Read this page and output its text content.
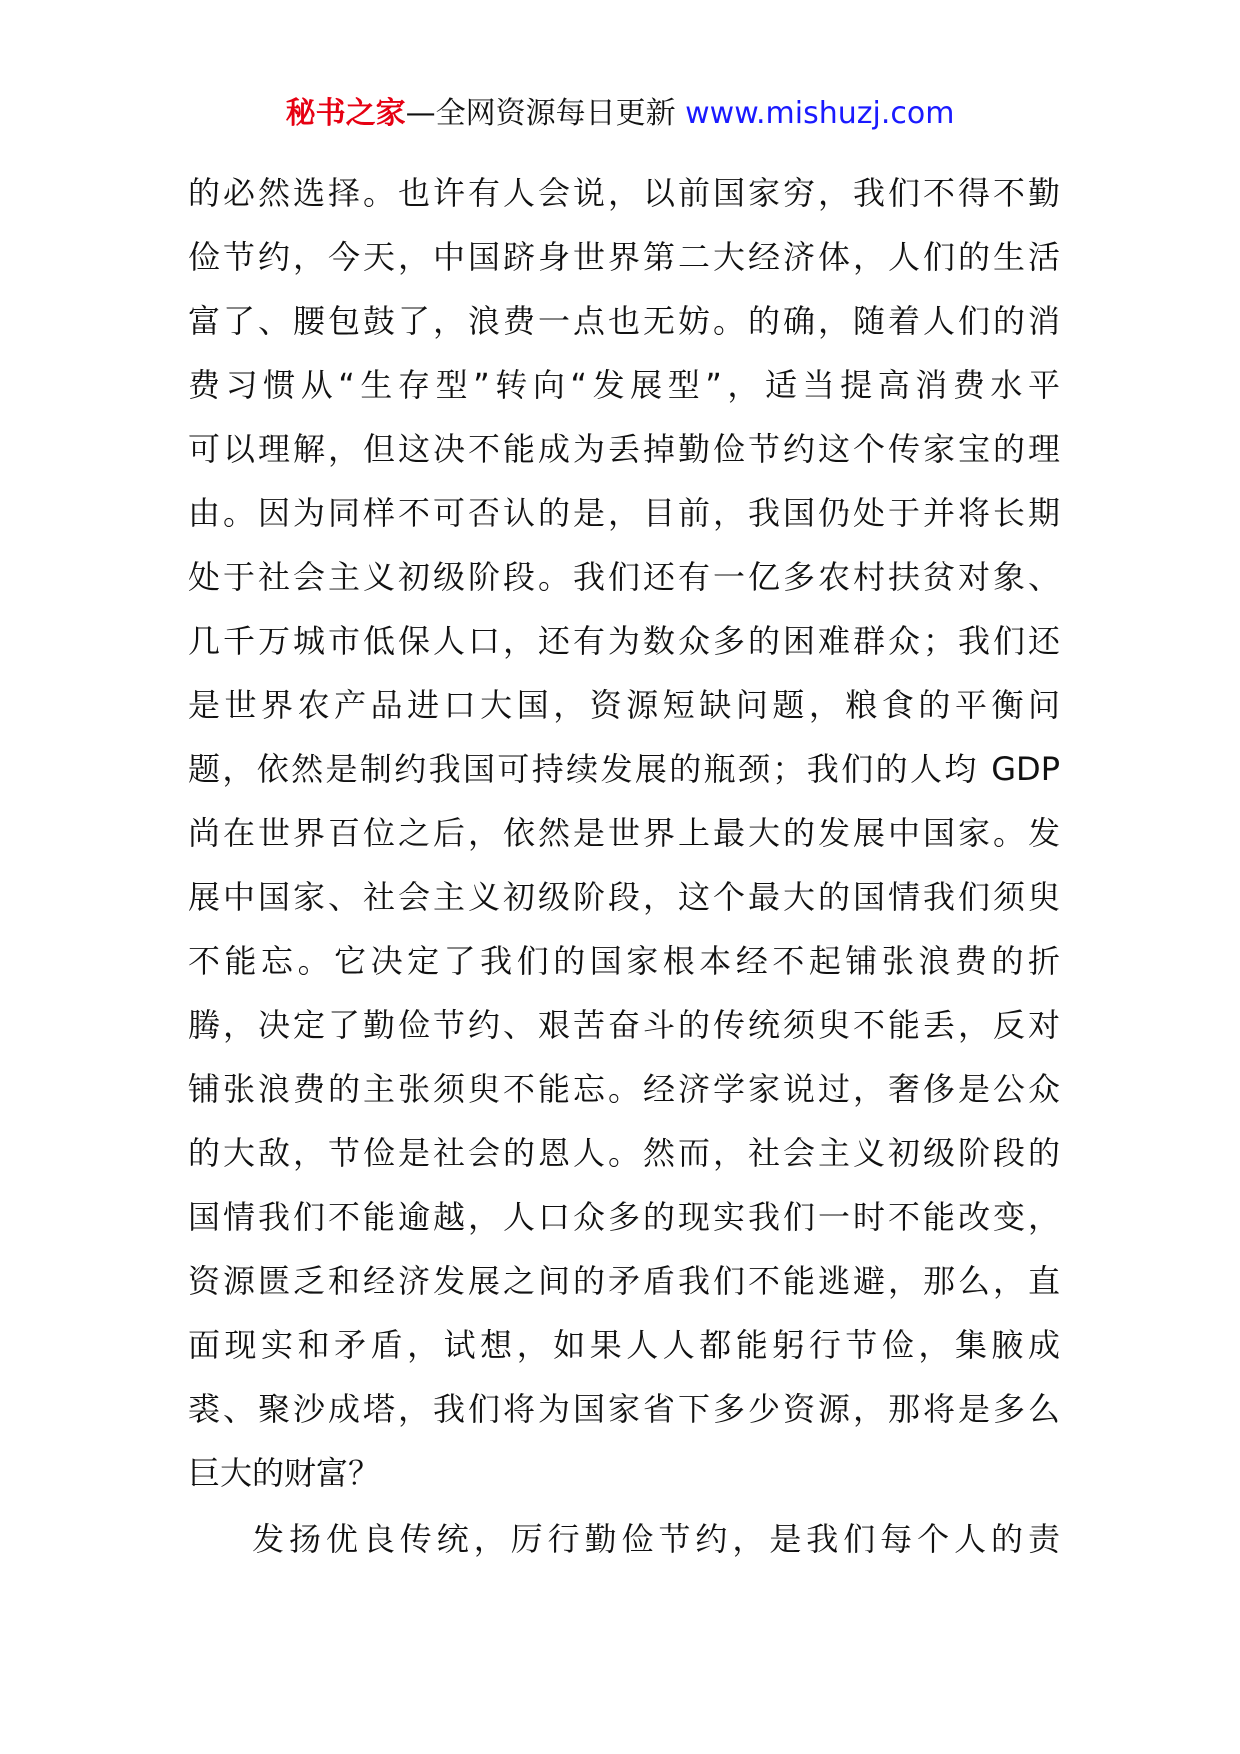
秘书之家—全网资源每日更新 www.mishuzj.com
的必然选择。也许有人会说，以前国家穷，我们不得不勤
俭节约，今天，中国跻身世界第二大经济体，人们的生活
富了、腰包鼓了，浪费一点也无妨。的确，随着人们的消
费习惯从“生存型”转向“发展型”，适当提高消费水平
可以理解，但这决不能成为丢掉勤俭节约这个传家宝的理
由。因为同样不可否认的是，目前，我国仍处于并将长期
处于社会主义初级阶段。我们还有一亿多农村扶贫对象、
几千万城市低保人口，还有为数众多的困难群众；我们还
是世界农产品进口大国，资源短缺问题，粮食的平衡问
题，依然是制约我国可持续发展的瓶颈；我们的人均 GDP
尚在世界百位之后，依然是世界上最大的发展中国家。发
展中国家、社会主义初级阶段，这个最大的国情我们须臾
不能忘。它决定了我们的国家根本经不起铺张浪费的折
腾，决定了勤俭节约、艰苦奋斗的传统须臾不能丢，反对
铺张浪费的主张须臾不能忘。经济学家说过，奢侈是公众
的大敌，节俭是社会的恩人。然而，社会主义初级阶段的
国情我们不能逾越，人口众多的现实我们一时不能改变，
资源匮乏和经济发展之间的矛盾我们不能逃避，那么，直
面现实和矛盾，试想，如果人人都能躬行节俭，集腋成
裘、聚沙成塔，我们将为国家省下多少资源，那将是多么
巨大的财富？
发扬优良传统，厉行勤俭节约，是我们每个人的责
